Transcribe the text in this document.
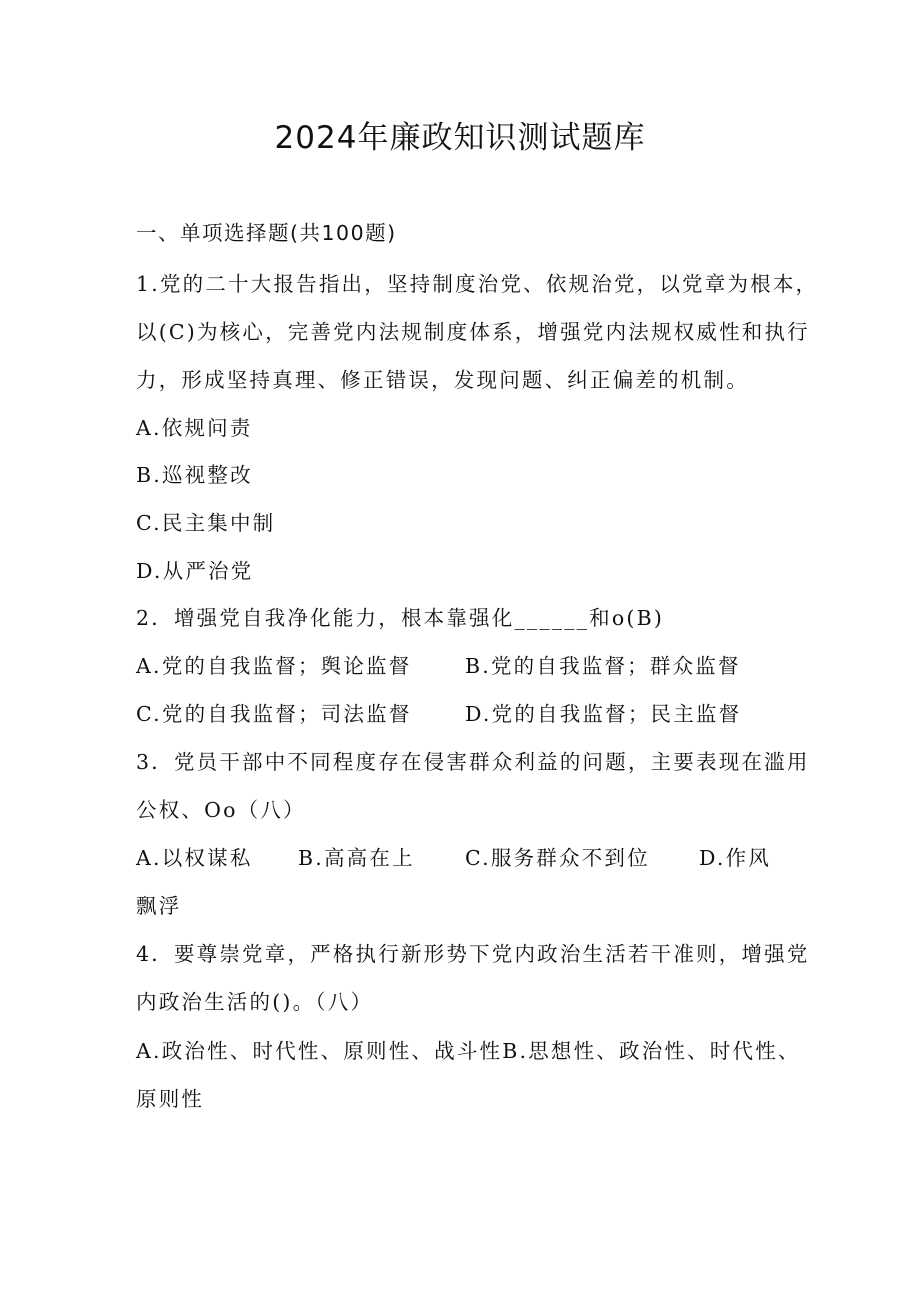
2024年廉政知识测试题库
一、单项选择题(共100题)
1.党的二十大报告指出，坚持制度治党、依规治党，以党章为根本，
以(C)为核心，完善党内法规制度体系，增强党内法规权威性和执行
力，形成坚持真理、修正错误，发现问题、纠正偏差的机制。
A.依规问责
B.巡视整改
C.民主集中制
D.从严治党
2．增强党自我净化能力，根本靠强化______和o(B)
A.党的自我监督；舆论监督	B.党的自我监督；群众监督
C.党的自我监督；司法监督	D.党的自我监督；民主监督
3．党员干部中不同程度存在侵害群众利益的问题，主要表现在滥用
公权、Oo（八）
A.以权谋私 B.高高在上 C.服务群众不到位 D.作风
飘浮
4．要尊崇党章，严格执行新形势下党内政治生活若干准则，增强党
内政治生活的()。（八）
A.政治性、时代性、原则性、战斗性B.思想性、政治性、时代性、
原则性
